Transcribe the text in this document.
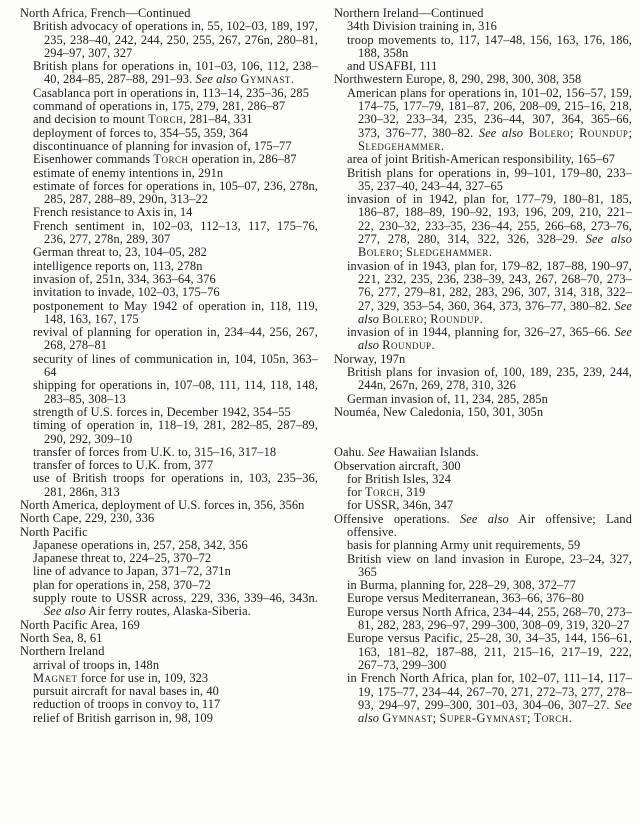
North Africa, French—Continued
British advocacy of operations in, 55, 102–03, 189, 197, 235, 238–40, 242, 244, 250, 255, 267, 276n, 280–81, 294–97, 307, 327
British plans for operations in, 101–03, 106, 112, 238–40, 284–85, 287–88, 291–93. See also Gymnast.
Casablanca port in operations in, 113–14, 235–36, 285
command of operations in, 175, 279, 281, 286–87
and decision to mount Torch, 281–84, 331
deployment of forces to, 354–55, 359, 364
discontinuance of planning for invasion of, 175–77
Eisenhower commands Torch operation in, 286–87
estimate of enemy intentions in, 291n
estimate of forces for operations in, 105–07, 236, 278n, 285, 287, 288–89, 290n, 313–22
French resistance to Axis in, 14
French sentiment in, 102–03, 112–13, 117, 175–76, 236, 277, 278n, 289, 307
German threat to, 23, 104–05, 282
intelligence reports on, 113, 278n
invasion of, 251n, 334, 363–64, 376
invitation to invade, 102–03, 175–76
postponement to May 1942 of operation in, 118, 119, 148, 163, 167, 175
revival of planning for operation in, 234–44, 256, 267, 268, 278–81
security of lines of communication in, 104, 105n, 363–64
shipping for operations in, 107–08, 111, 114, 118, 148, 283–85, 308–13
strength of U.S. forces in, December 1942, 354–55
timing of operation in, 118–19, 281, 282–85, 287–89, 290, 292, 309–10
transfer of forces from U.K. to, 315–16, 317–18
transfer of forces to U.K. from, 377
use of British troops for operations in, 103, 235–36, 281, 286n, 313
North America, deployment of U.S. forces in, 356, 356n
North Cape, 229, 230, 336
North Pacific
Japanese operations in, 257, 258, 342, 356
Japanese threat to, 224–25, 370–72
line of advance to Japan, 371–72, 371n
plan for operations in, 258, 370–72
supply route to USSR across, 229, 336, 339–46, 343n. See also Air ferry routes, Alaska-Siberia.
North Pacific Area, 169
North Sea, 8, 61
Northern Ireland
arrival of troops in, 148n
Magnet force for use in, 109, 323
pursuit aircraft for naval bases in, 40
reduction of troops in convoy to, 117
relief of British garrison in, 98, 109
Northern Ireland—Continued
34th Division training in, 316
troop movements to, 117, 147–48, 156, 163, 176, 186, 188, 358n
and USAFBI, 111
Northwestern Europe, 8, 290, 298, 300, 308, 358
American plans for operations in, 101–02, 156–57, 159, 174–75, 177–79, 181–87, 206, 208–09, 215–16, 218, 230–32, 233–34, 235, 236–44, 307, 364, 365–66, 373, 376–77, 380–82. See also Bolero; Roundup; Sledgehammer.
area of joint British-American responsibility, 165–67
British plans for operations in, 99–101, 179–80, 233–35, 237–40, 243–44, 327–65
invasion of in 1942, plan for, 177–79, 180–81, 185, 186–87, 188–89, 190–92, 193, 196, 209, 210, 221–22, 230–32, 233–35, 236–44, 255, 266–68, 273–76, 277, 278, 280, 314, 322, 326, 328–29. See also Bolero; Sledgehammer.
invasion of in 1943, plan for, 179–82, 187–88, 190–97, 221, 232, 235, 236, 238–39, 243, 267, 268–70, 273–76, 277, 279–81, 282, 283, 296, 307, 314, 318, 322–27, 329, 353–54, 360, 364, 373, 376–77, 380–82. See also Bolero; Roundup.
invasion of in 1944, planning for, 326–27, 365–66. See also Roundup.
Norway, 197n
British plans for invasion of, 100, 189, 235, 239, 244, 244n, 267n, 269, 278, 310, 326
German invasion of, 11, 234, 285, 285n
Nouméa, New Caledonia, 150, 301, 305n
Oahu. See Hawaiian Islands.
Observation aircraft, 300
for British Isles, 324
for Torch, 319
for USSR, 346n, 347
Offensive operations. See also Air offensive; Land offensive.
basis for planning Army unit requirements, 59
British view on land invasion in Europe, 23–24, 327, 365
in Burma, planning for, 228–29, 308, 372–77
Europe versus Mediterranean, 363–66, 376–80
Europe versus North Africa, 234–44, 255, 268–70, 273–81, 282, 283, 296–97, 299–300, 308–09, 319, 320–27
Europe versus Pacific, 25–28, 30, 34–35, 144, 156–61, 163, 181–82, 187–88, 211, 215–16, 217–19, 222, 267–73, 299–300
in French North Africa, plan for, 102–07, 111–14, 117–19, 175–77, 234–44, 267–70, 271, 272–73, 277, 278–93, 294–97, 299–300, 301–03, 304–06, 307–27. See also Gymnast; Super-Gymnast; Torch.
